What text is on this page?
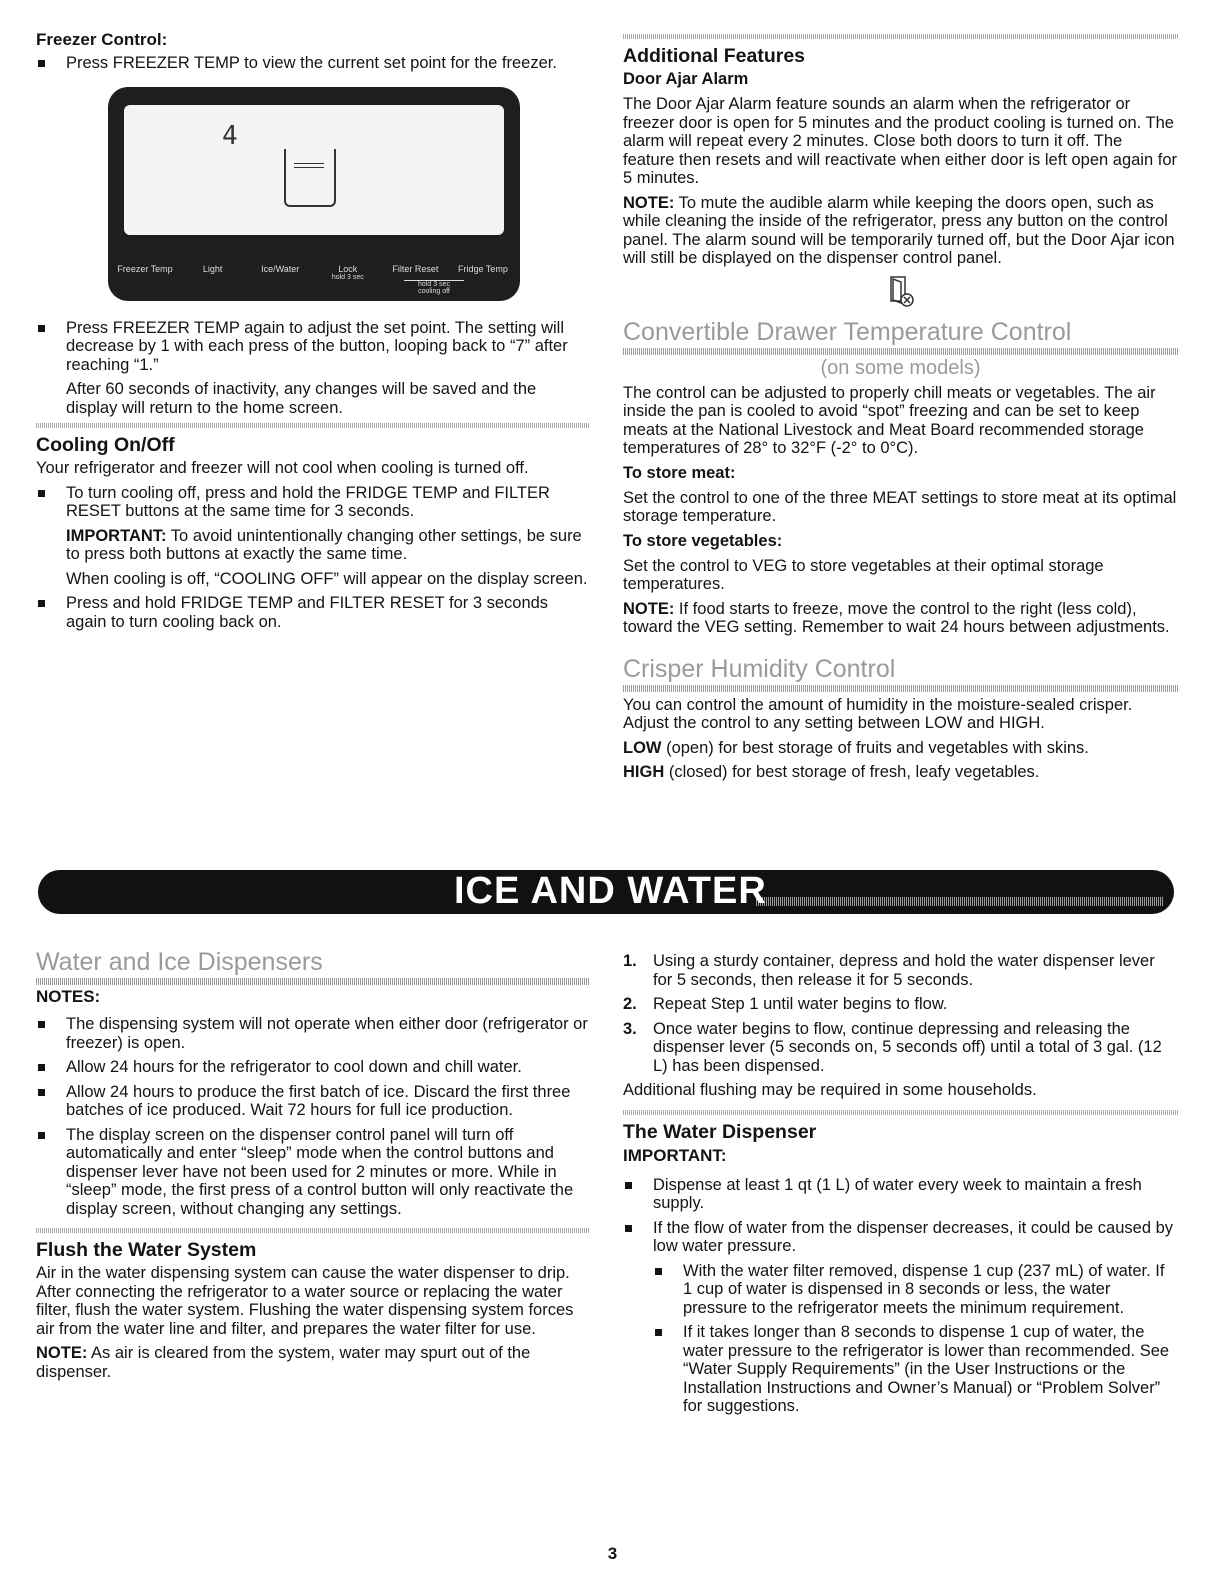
Freezer Control:
Press FREEZER TEMP to view the current set point for the freezer.
4
Freezer Temp	Light	Ice/Water	Lock
hold 3 sec
Filter Reset	Fridge Temp
hold 3 sec
cooling off
Press FREEZER TEMP again to adjust the set point. The setting will decrease by 1 with each press of the button, looping back to “7” after reaching “1.”

After 60 seconds of inactivity, any changes will be saved and the display will return to the home screen.

Cooling On/Off

Your refrigerator and freezer will not cool when cooling is turned off.

To turn cooling off, press and hold the FRIDGE TEMP and FILTER RESET buttons at the same time for 3 seconds.

IMPORTANT: To avoid unintentionally changing other settings, be sure to press both buttons at exactly the same time.

When cooling is off, “COOLING OFF” will appear on the display screen.

Press and hold FRIDGE TEMP and FILTER RESET for 3 seconds again to turn cooling back on.
Additional Features
Door Ajar Alarm

The Door Ajar Alarm feature sounds an alarm when the refrigerator or freezer door is open for 5 minutes and the product cooling is turned on. The alarm will repeat every 2 minutes. Close both doors to turn it off. The feature then resets and will reactivate when either door is left open again for 5 minutes.

NOTE: To mute the audible alarm while keeping the doors open, such as while cleaning the inside of the refrigerator, press any button on the control panel. The alarm sound will be temporarily turned off, but the Door Ajar icon will still be displayed on the dispenser control panel.

Convertible Drawer Temperature Control
(on some models)

The control can be adjusted to properly chill meats or vegetables. The air inside the pan is cooled to avoid “spot” freezing and can be set to keep meats at the National Livestock and Meat Board recommended storage temperatures of 28° to 32°F (-2° to 0°C).

To store meat:

Set the control to one of the three MEAT settings to store meat at its optimal storage temperature.

To store vegetables:

Set the control to VEG to store vegetables at their optimal storage temperatures.

NOTE: If food starts to freeze, move the control to the right (less cold), toward the VEG setting. Remember to wait 24 hours between adjustments.

Crisper Humidity Control

You can control the amount of humidity in the moisture-sealed crisper. Adjust the control to any setting between LOW and HIGH.

LOW (open) for best storage of fruits and vegetables with skins.

HIGH (closed) for best storage of fresh, leafy vegetables.

ICE AND WATER
Water and Ice Dispensers
NOTES:
The dispensing system will not operate when either door (refrigerator or freezer) is open.
Allow 24 hours for the refrigerator to cool down and chill water.
Allow 24 hours to produce the first batch of ice. Discard the first three batches of ice produced. Wait 72 hours for full ice production.
The display screen on the dispenser control panel will turn off automatically and enter “sleep” mode when the control buttons and dispenser lever have not been used for 2 minutes or more. While in “sleep” mode, the first press of a control button will only reactivate the display screen, without changing any settings.
Flush the Water System

Air in the water dispensing system can cause the water dispenser to drip. After connecting the refrigerator to a water source or replacing the water filter, flush the water system. Flushing the water dispensing system forces air from the water line and filter, and prepares the water filter for use.

NOTE: As air is cleared from the system, water may spurt out of the dispenser.

1. Using a sturdy container, depress and hold the water dispenser lever for 5 seconds, then release it for 5 seconds.
2. Repeat Step 1 until water begins to flow.
3. Once water begins to flow, continue depressing and releasing the dispenser lever (5 seconds on, 5 seconds off) until a total of 3 gal. (12 L) has been dispensed.

Additional flushing may be required in some households.

The Water Dispenser
IMPORTANT:
Dispense at least 1 qt (1 L) of water every week to maintain a fresh supply.
If the flow of water from the dispenser decreases, it could be caused by low water pressure.
With the water filter removed, dispense 1 cup (237 mL) of water. If 1 cup of water is dispensed in 8 seconds or less, the water pressure to the refrigerator meets the minimum requirement.
If it takes longer than 8 seconds to dispense 1 cup of water, the water pressure to the refrigerator is lower than recommended. See “Water Supply Requirements” (in the User Instructions or the Installation Instructions and Owner’s Manual) or “Problem Solver” for suggestions.
3
